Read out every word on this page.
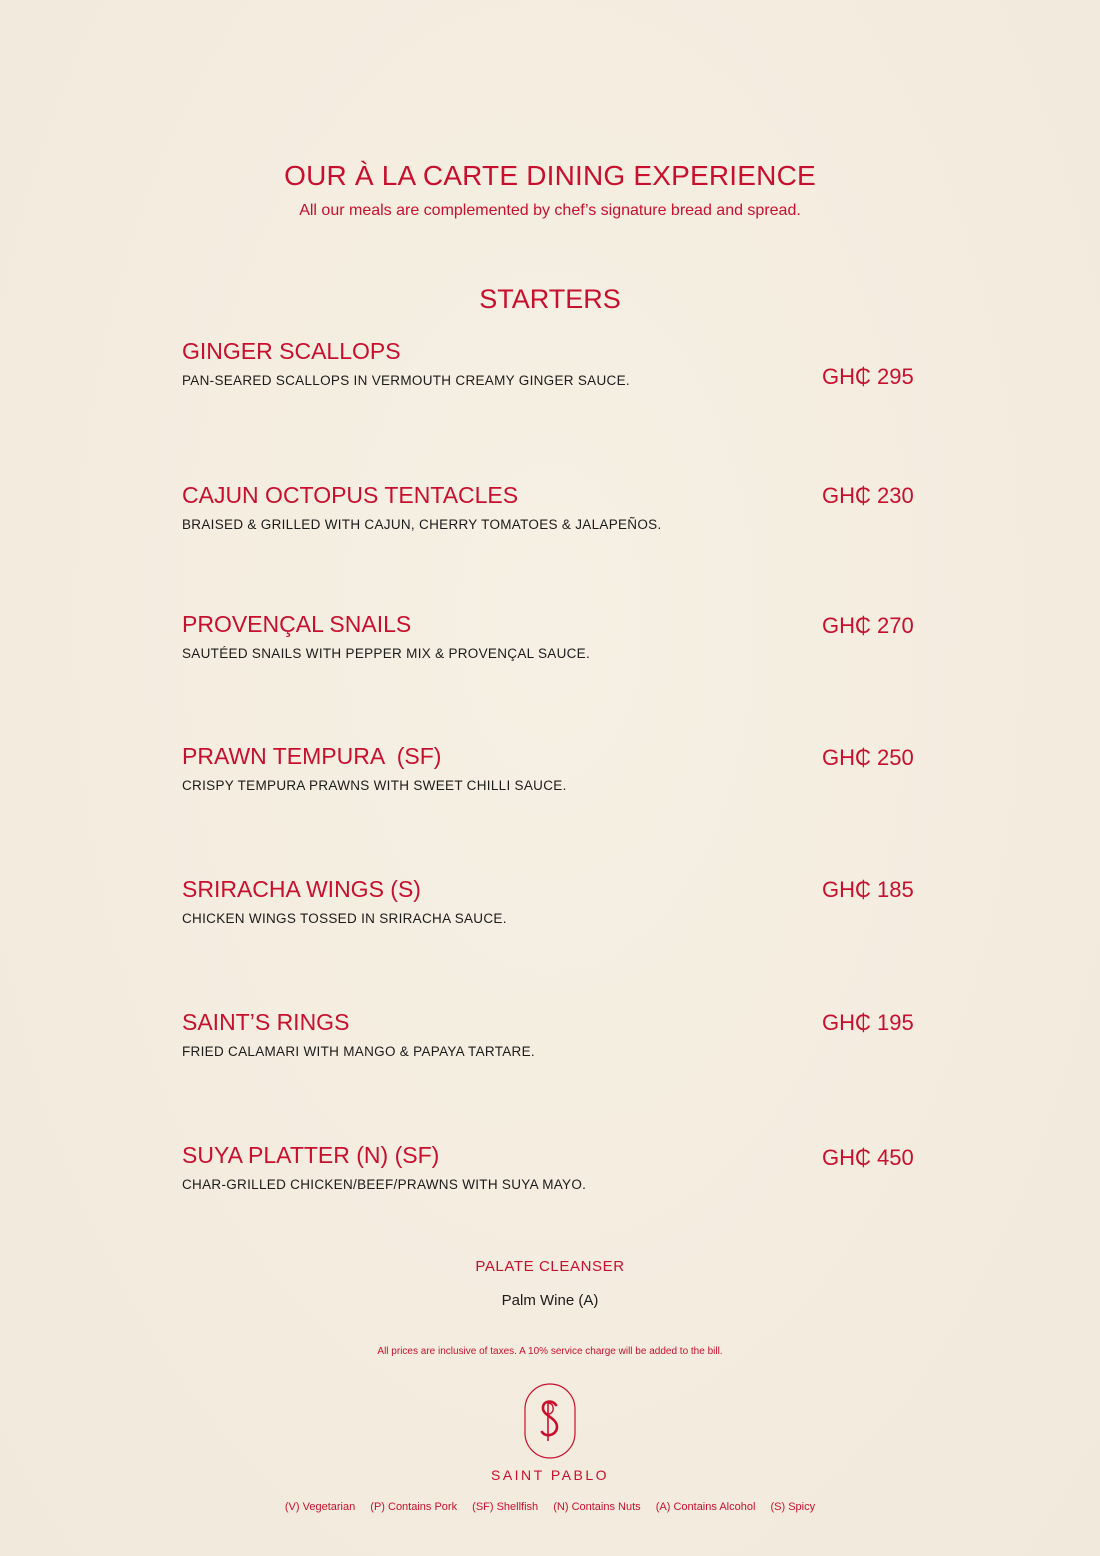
OUR À LA CARTE DINING EXPERIENCE
All our meals are complemented by chef’s signature bread and spread.
STARTERS
GINGER SCALLOPS
PAN-SEARED SCALLOPS IN VERMOUTH CREAMY GINGER SAUCE.	GH₵ 295
CAJUN OCTOPUS TENTACLES
BRAISED & GRILLED WITH CAJUN, CHERRY TOMATOES & JALAPEÑOS.
GH₵ 230
PROVENÇAL SNAILS
SAUTÉED SNAILS WITH PEPPER MIX & PROVENÇAL SAUCE.
GH₵ 270
PRAWN TEMPURA  (SF)
CRISPY TEMPURA PRAWNS WITH SWEET CHILLI SAUCE.
GH₵ 250
SRIRACHA WINGS (S)
CHICKEN WINGS TOSSED IN SRIRACHA SAUCE.
GH₵ 185
SAINT’S RINGS
FRIED CALAMARI WITH MANGO & PAPAYA TARTARE.
GH₵ 195
SUYA PLATTER (N) (SF)
CHAR-GRILLED CHICKEN/BEEF/PRAWNS WITH SUYA MAYO.
GH₵ 450
PALATE CLEANSER
Palm Wine (A)
All prices are inclusive of taxes. A 10% service charge will be added to the bill.
SAINT PABLO
(V) Vegetarian (P) Contains Pork (SF) Shellfish (N) Contains Nuts (A) Contains Alcohol (S) Spicy
